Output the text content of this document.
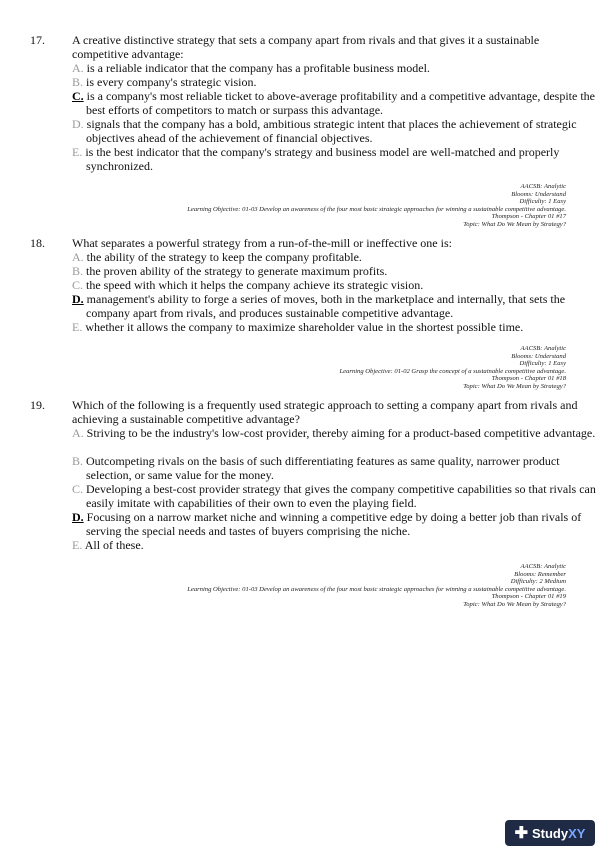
17. A creative distinctive strategy that sets a company apart from rivals and that gives it a sustainable competitive advantage:
A. is a reliable indicator that the company has a profitable business model.
B. is every company's strategic vision.
C. is a company's most reliable ticket to above-average profitability and a competitive advantage, despite the best efforts of competitors to match or surpass this advantage.
D. signals that the company has a bold, ambitious strategic intent that places the achievement of strategic objectives ahead of the achievement of financial objectives.
E. is the best indicator that the company's strategy and business model are well-matched and properly synchronized.
AACSB: Analytic
Blooms: Understand
Difficulty: 1 Easy
Learning Objective: 01-03 Develop an awareness of the four most basic strategic approaches for winning a sustainable competitive advantage.
Thompson - Chapter 01 #17
Topic: What Do We Mean by Strategy?
18. What separates a powerful strategy from a run-of-the-mill or ineffective one is:
A. the ability of the strategy to keep the company profitable.
B. the proven ability of the strategy to generate maximum profits.
C. the speed with which it helps the company achieve its strategic vision.
D. management's ability to forge a series of moves, both in the marketplace and internally, that sets the company apart from rivals, and produces sustainable competitive advantage.
E. whether it allows the company to maximize shareholder value in the shortest possible time.
AACSB: Analytic
Blooms: Understand
Difficulty: 1 Easy
Learning Objective: 01-02 Grasp the concept of a sustainable competitive advantage.
Thompson - Chapter 01 #18
Topic: What Do We Mean by Strategy?
19. Which of the following is a frequently used strategic approach to setting a company apart from rivals and achieving a sustainable competitive advantage?
A. Striving to be the industry's low-cost provider, thereby aiming for a product-based competitive advantage.
B. Outcompeting rivals on the basis of such differentiating features as same quality, narrower product selection, or same value for the money.
C. Developing a best-cost provider strategy that gives the company competitive capabilities so that rivals can easily imitate with capabilities of their own to even the playing field.
D. Focusing on a narrow market niche and winning a competitive edge by doing a better job than rivals of serving the special needs and tastes of buyers comprising the niche.
E. All of these.
AACSB: Analytic
Blooms: Remember
Difficulty: 2 Medium
Learning Objective: 01-03 Develop an awareness of the four most basic strategic approaches for winning a sustainable competitive advantage.
Thompson - Chapter 01 #19
Topic: What Do We Mean by Strategy?
✚ Study XY
